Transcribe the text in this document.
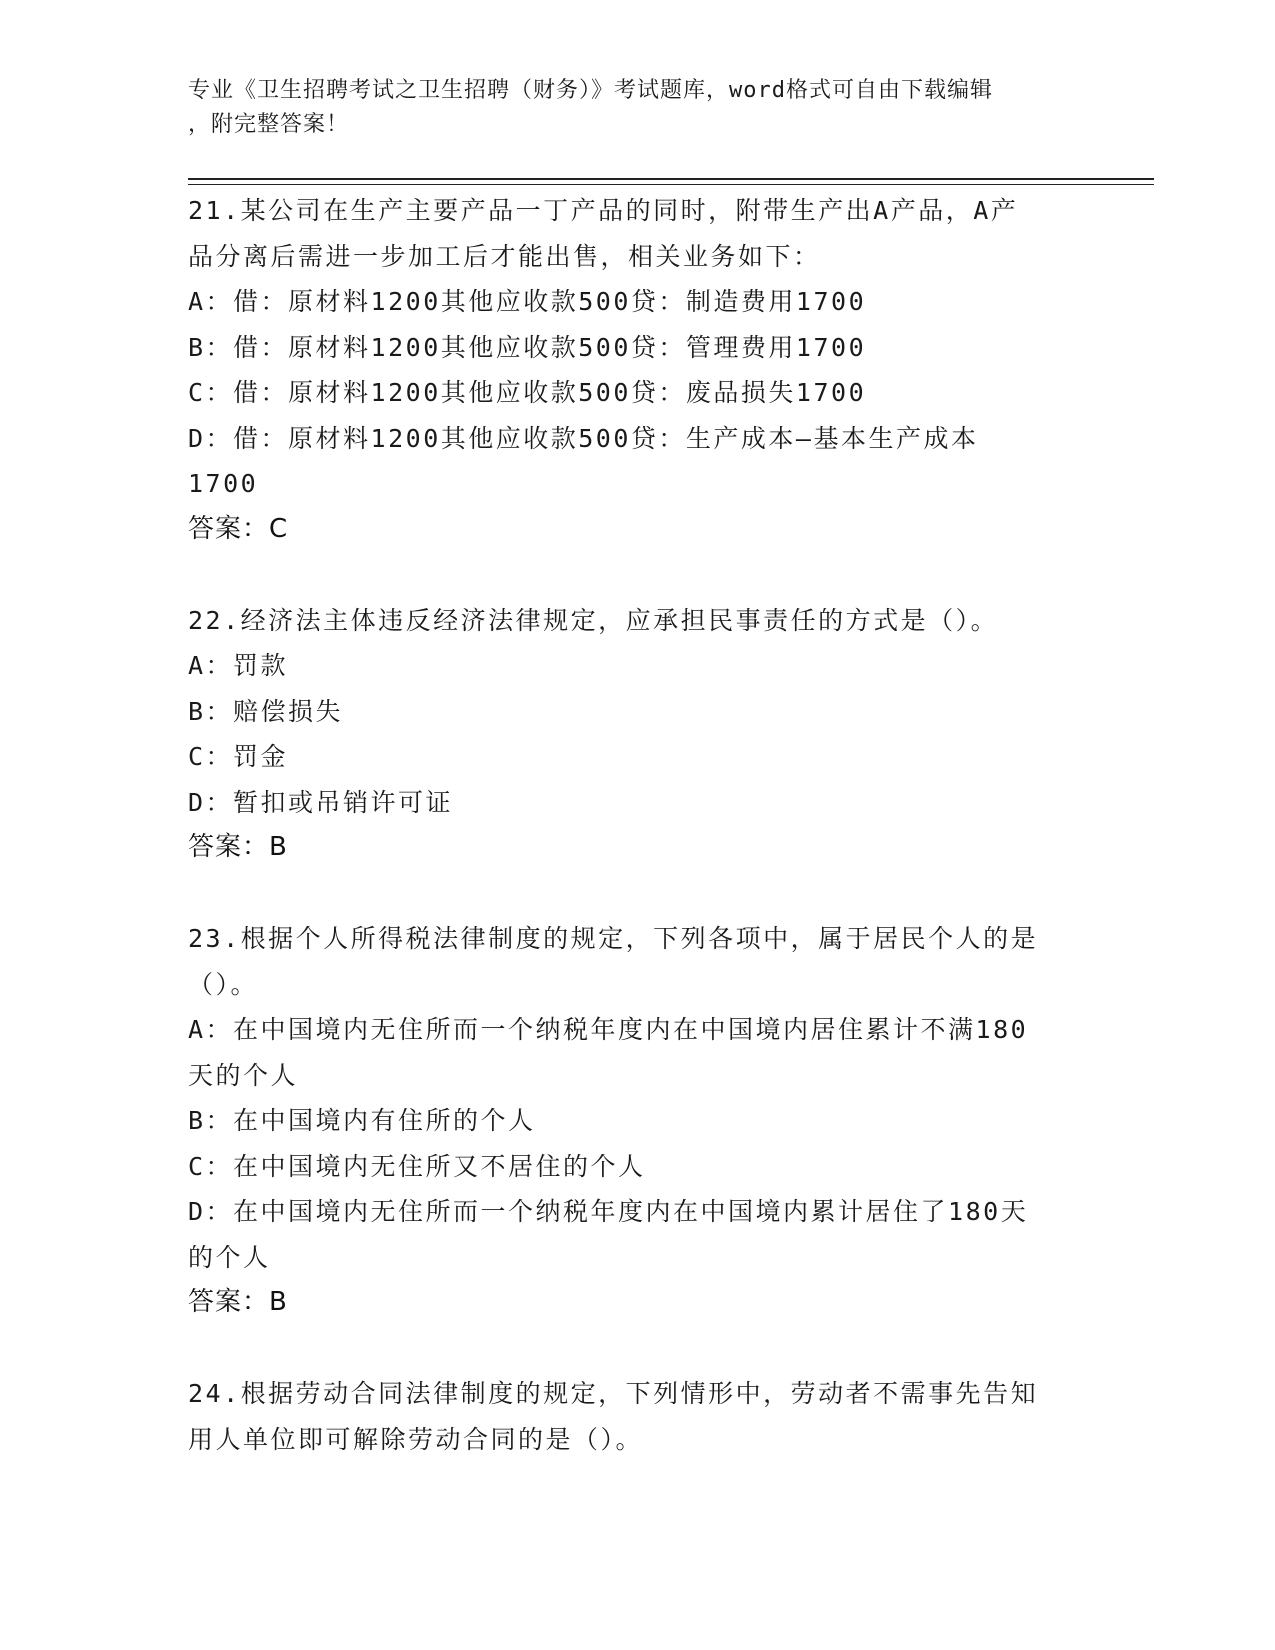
专业《卫生招聘考试之卫生招聘（财务）》考试题库，word格式可自由下载编辑
，附完整答案！
21.某公司在生产主要产品一丁产品的同时，附带生产出A产品，A产
品分离后需进一步加工后才能出售，相关业务如下：
A：借：原材料1200其他应收款500贷：制造费用1700
B：借：原材料1200其他应收款500贷：管理费用1700
C：借：原材料1200其他应收款500贷：废品损失1700
D：借：原材料1200其他应收款500贷：生产成本—基本生产成本
1700
答案：C
22.经济法主体违反经济法律规定，应承担民事责任的方式是（）。
A：罚款
B：赔偿损失
C：罚金
D：暂扣或吊销许可证
答案：B
23.根据个人所得税法律制度的规定，下列各项中，属于居民个人的是
（）。
A：在中国境内无住所而一个纳税年度内在中国境内居住累计不满180
天的个人
B：在中国境内有住所的个人
C：在中国境内无住所又不居住的个人
D：在中国境内无住所而一个纳税年度内在中国境内累计居住了180天
的个人
答案：B
24.根据劳动合同法律制度的规定，下列情形中，劳动者不需事先告知
用人单位即可解除劳动合同的是（）。
